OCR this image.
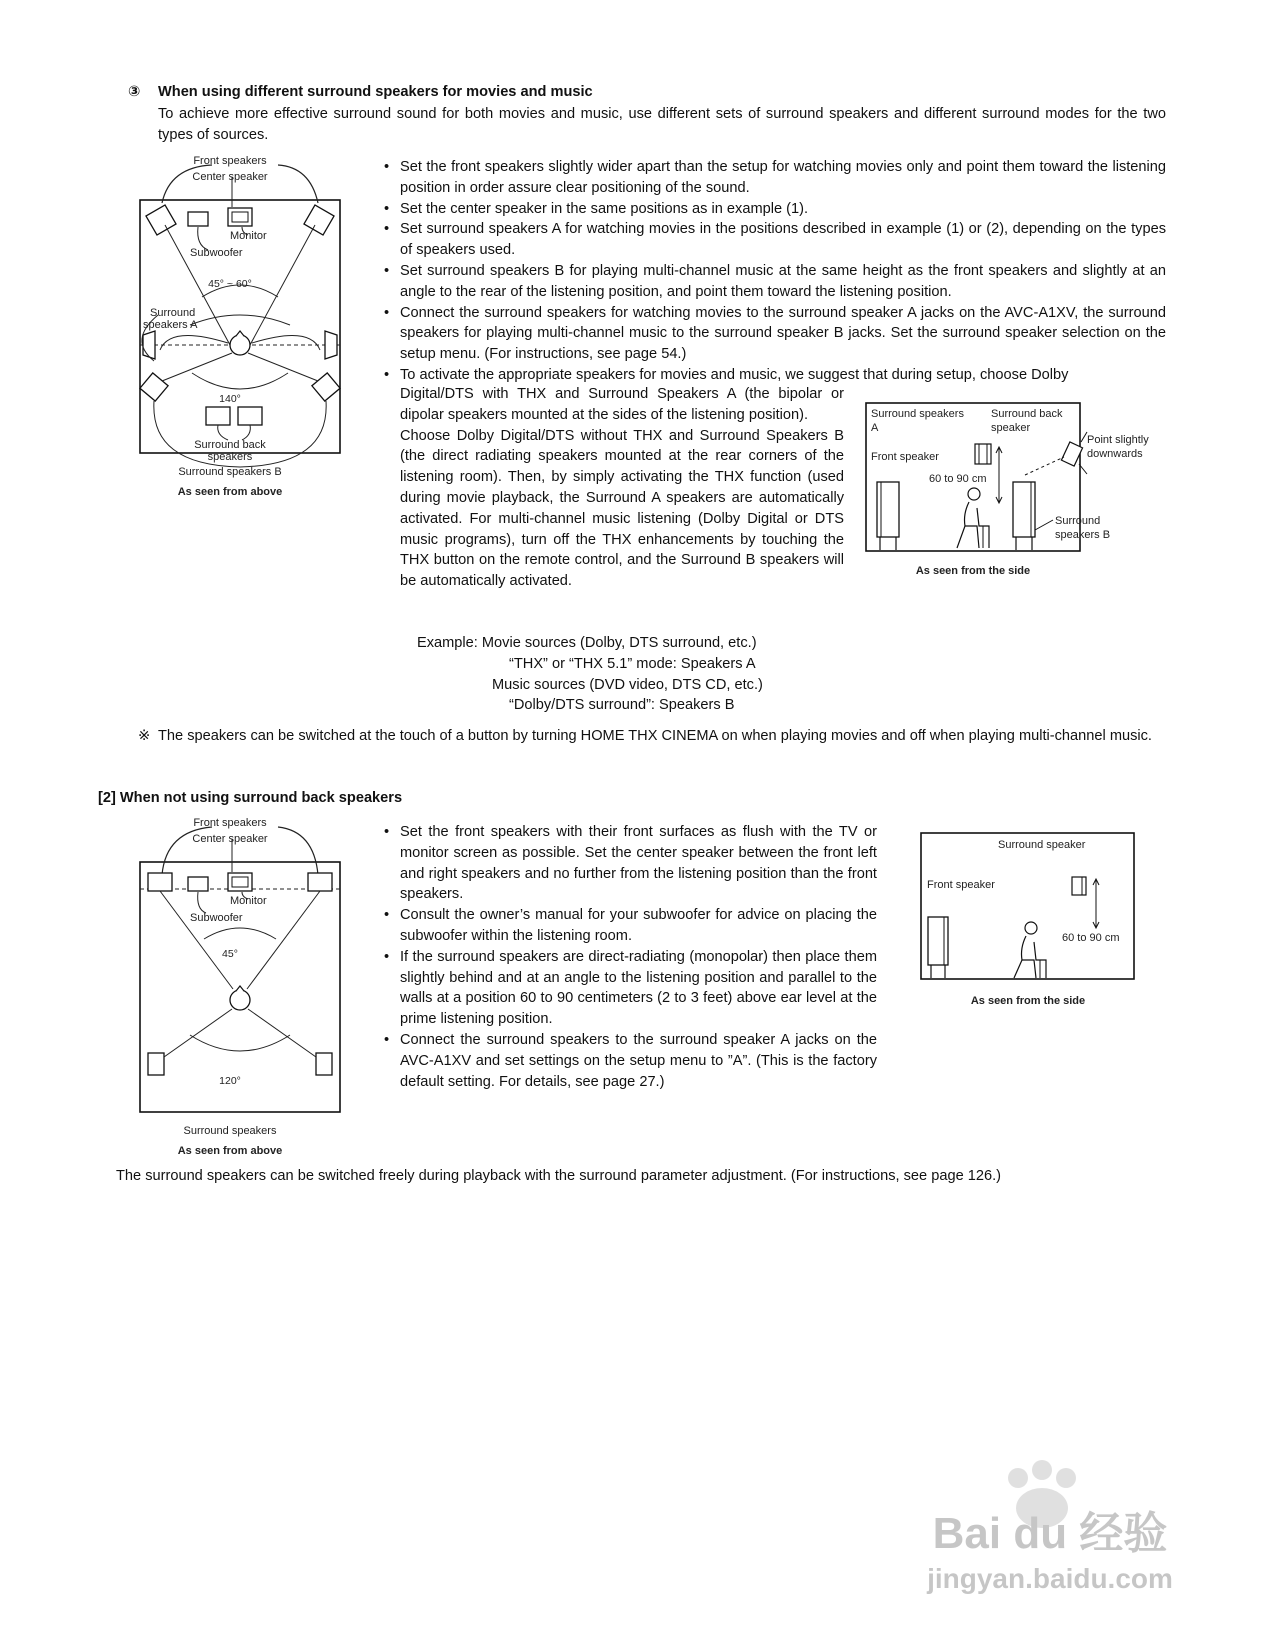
③ When using different surround speakers for movies and music
To achieve more effective surround sound for both movies and music, use different sets of surround speakers and different surround modes for the two types of sources.
Front speakers
Center speaker
Monitor
Subwoofer
45° ~ 60°
Surround
speakers A
140°
Surround back
speakers
Surround speakers B
As seen from above
• Set the front speakers slightly wider apart than the setup for watching movies only and point them toward the listening position in order assure clear positioning of the sound.
• Set the center speaker in the same positions as in example (1).
• Set surround speakers A for watching movies in the positions described in example (1) or (2), depending on the types of speakers used.
• Set surround speakers B for playing multi-channel music at the same height as the front speakers and slightly at an angle to the rear of the listening position, and point them toward the listening position.
• Connect the surround speakers for watching movies to the surround speaker A jacks on the AVC-A1XV, the surround speakers for playing multi-channel music to the surround speaker B jacks. Set the surround speaker selection on the setup menu. (For instructions, see page 54.)
• To activate the appropriate speakers for movies and music, we suggest that during setup, choose Dolby
Digital/DTS with THX and Surround Speakers A (the bipolar or dipolar speakers mounted at the sides of the listening position).
Choose Dolby Digital/DTS without THX and Surround Speakers B (the direct radiating speakers mounted at the rear corners of the listening room). Then, by simply activating the THX function (used during movie playback, the Surround A speakers are automatically activated. For multi-channel music listening (Dolby Digital or DTS music programs), turn off the THX enhancements by touching the THX button on the remote control, and the Surround B speakers will be automatically activated.
Example: Movie sources (Dolby, DTS surround, etc.)
“THX” or “THX 5.1” mode: Speakers A
Music sources (DVD video, DTS CD, etc.)
“Dolby/DTS surround”: Speakers B
Surround speakers
A
Surround back
speaker
Point slightly
downwards
Front speaker
60 to 90 cm
Surround
speakers B
As seen from the side
※ The speakers can be switched at the touch of a button by turning HOME THX CINEMA on when playing movies and off when playing multi-channel music.
[2] When not using surround back speakers
Front speakers
Center speaker
Monitor
Subwoofer
45°
120°
Surround speakers
As seen from above
• Set the front speakers with their front surfaces as flush with the TV or monitor screen as possible. Set the center speaker between the front left and right speakers and no further from the listening position than the front speakers.
• Consult the owner’s manual for your subwoofer for advice on placing the subwoofer within the listening room.
• If the surround speakers are direct-radiating (monopolar) then place them slightly behind and at an angle to the listening position and parallel to the walls at a position 60 to 90 centimeters (2 to 3 feet) above ear level at the prime listening position.
• Connect the surround speakers to the surround speaker A jacks on the AVC-A1XV and set settings on the setup menu to ”A”. (This is the factory default setting. For details, see page 27.)
Surround speaker
Front speaker
60 to 90 cm
As seen from the side
The surround speakers can be switched freely during playback with the surround parameter adjustment. (For instructions, see page 126.)
Bai du 经验
jingyan.baidu.com
